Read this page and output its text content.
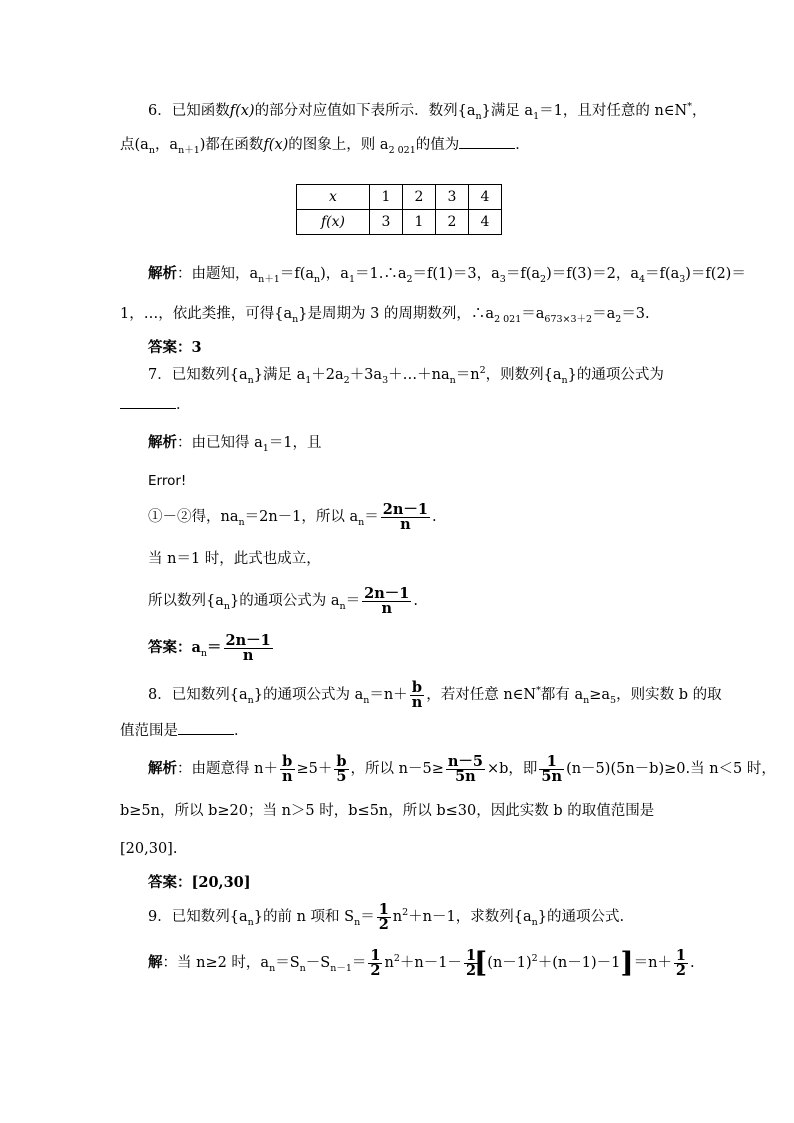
6．已知函数f(x)的部分对应值如下表所示．数列$\{a_n\}$满足 $a_1=1$，且对任意的 n∈N*，
点($a_n$，$a_{n+1}$)都在函数f(x)的图象上，则 $a_{2 021}$的值为	．
x	1	2	3	4
f(x)	3	1	2	4
解析：由题知，$a_{n+1}=f(a_n)$，$a_1=1.\therefore a_2=f(1)=3$，$a_3=f(a_2)=f(3)=2$，$a_4=f(a_3)=f(2)=$
1，…，依此类推，可得$\{a_n\}$是周期为 3 的周期数列，$\therefore a_{2 021}=a_{673\times 3+2}=a_2=3$.
答案：3
7．已知数列$\{a_n\}$满足 $a_1+2a_2+3a_3+\dots+na_n=n^2$，则数列$\{a_n\}$的通项公式为
．
解析：由已知得 $a_1=1$，且
Error!
①－②得，$na_n=2n-1$，所以 $a_n= \frac{2n-1}{n}$ .
当 n＝1 时，此式也成立，
所以数列$\{a_n\}$的通项公式为 $a_n= \frac{2n-1}{n}$ .
答案：$a_n= \frac{2n-1}{n}$
8．已知数列$\{a_n\}$的通项公式为 $a_n=n+ \frac{b}{n}$ ，若对任意 n∈N*都有 $a_n\ge a_5$，则实数 b 的取
值范围是	．
解析：由题意得 $n+ \frac{b}{n} \ge 5+ \frac{b}{5}$ ，所以 $n-5\ge \frac{n-5}{5n} \times b$，即 $\frac{1}{5n} (n-5)(5n-b)\ge 0$.当 n＜5 时，
b≥5n，所以 b≥20；当 n＞5 时，b≤5n，所以 b≤30，因此实数 b 的取值范围是
[20,30].
答案：[20,30]
9．已知数列$\{a_n\}$的前 n 项和 $S_n= \frac{1}{2} n^2+n-1$，求数列$\{a_n\}$的通项公式.
解：当 n≥2 时，$a_n=S_n-S_{n-1}= \frac{1}{2} n^2+n-1- \frac{1}{2}$
$[(n-1)^2+(n-1)-1]=n+ \frac{1}{2}$ .
